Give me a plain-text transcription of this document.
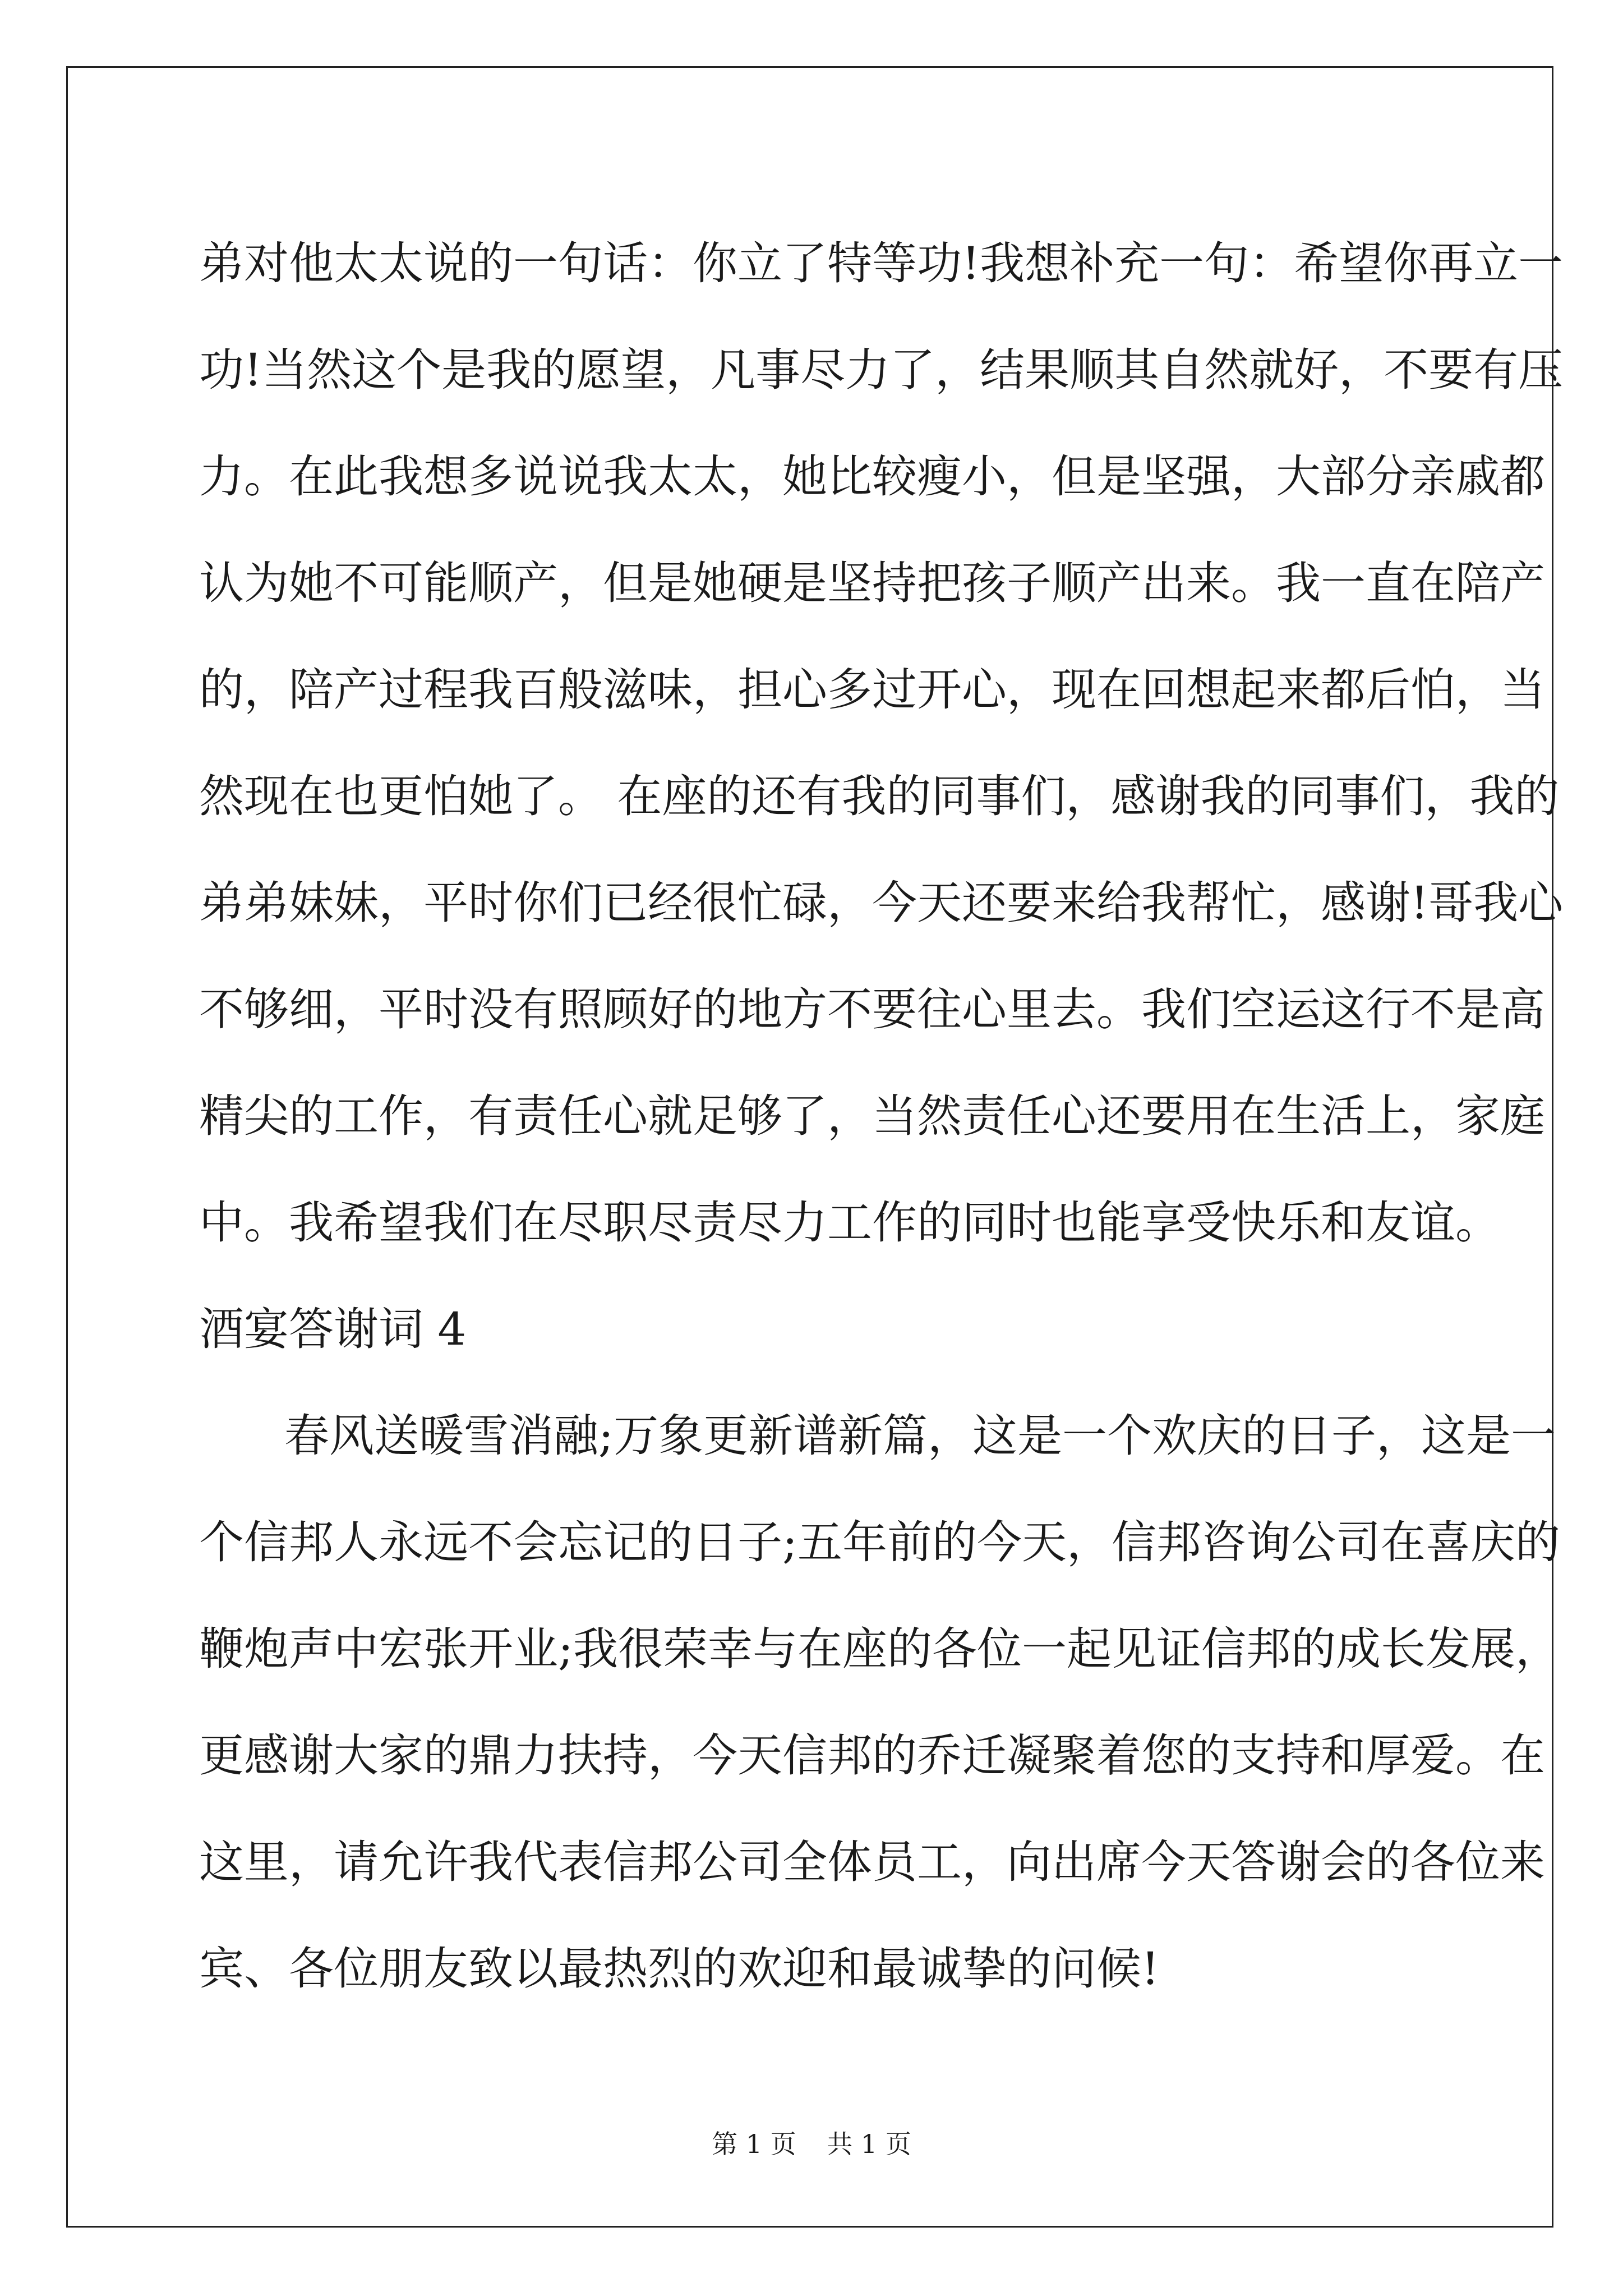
弟对他太太说的一句话：你立了特等功!我想补充一句：希望你再立一
功!当然这个是我的愿望，凡事尽力了，结果顺其自然就好，不要有压
力。在此我想多说说我太太，她比较瘦小，但是坚强，大部分亲戚都
认为她不可能顺产，但是她硬是坚持把孩子顺产出来。我一直在陪产
的，陪产过程我百般滋味，担心多过开心，现在回想起来都后怕，当
然现在也更怕她了。 在座的还有我的同事们，感谢我的同事们，我的
弟弟妹妹，平时你们已经很忙碌，今天还要来给我帮忙，感谢!哥我心
不够细，平时没有照顾好的地方不要往心里去。我们空运这行不是高
精尖的工作，有责任心就足够了，当然责任心还要用在生活上，家庭
中。我希望我们在尽职尽责尽力工作的同时也能享受快乐和友谊。
酒宴答谢词 4
春风送暖雪消融;万象更新谱新篇，这是一个欢庆的日子，这是一
个信邦人永远不会忘记的日子;五年前的今天，信邦咨询公司在喜庆的
鞭炮声中宏张开业;我很荣幸与在座的各位一起见证信邦的成长发展，
更感谢大家的鼎力扶持，今天信邦的乔迁凝聚着您的支持和厚爱。在
这里，请允许我代表信邦公司全体员工，向出席今天答谢会的各位来
宾、各位朋友致以最热烈的欢迎和最诚挚的问候!
第 1 页 共 1 页
